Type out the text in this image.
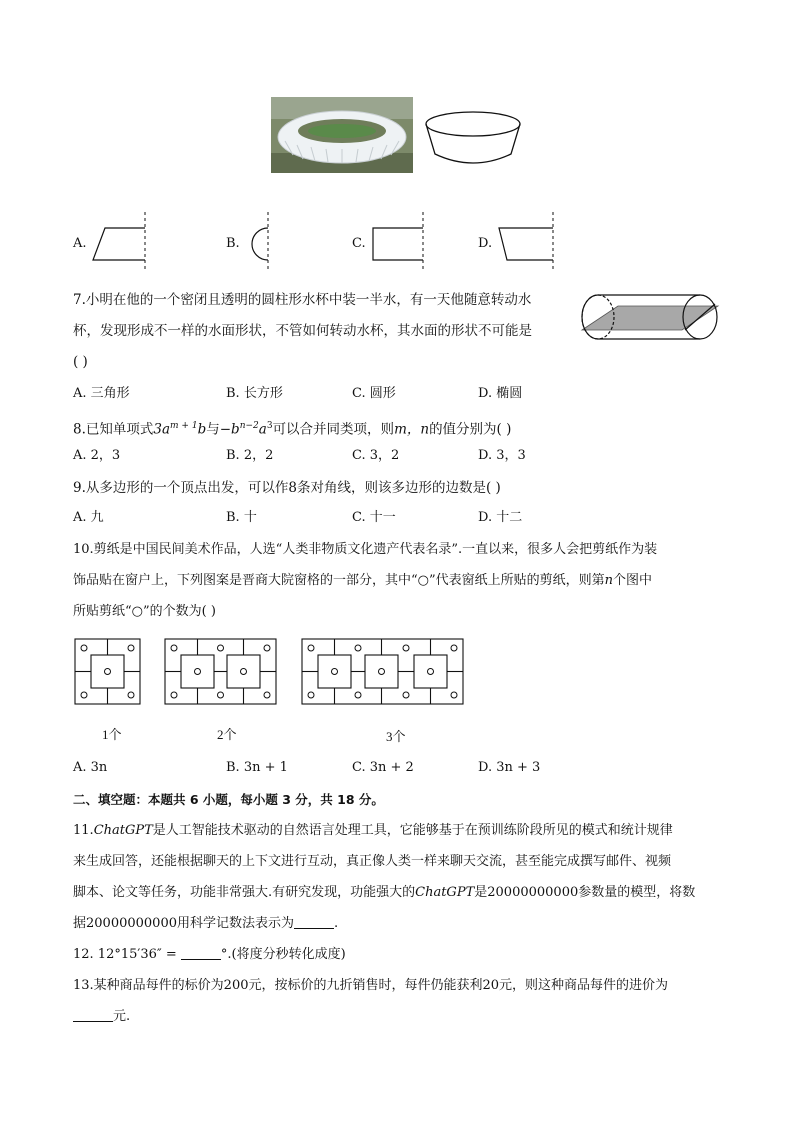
A.	B.	C.	D.
7.小明在他的一个密闭且透明的圆柱形水杯中装一半水，有一天他随意转动水
杯，发现形成不一样的水面形状，不管如何转动水杯，其水面的形状不可能是
( )
A. 三角形	B. 长方形	C. 圆形	D. 椭圆
8.已知单项式$3a^{m + 1}b$与$-b^{n-2}a^3$可以合并同类项，则m，n的值分别为( )
A. 2，3	B. 2，2	C. 3，2	D. 3，3
9.从多边形的一个顶点出发，可以作8条对角线，则该多边形的边数是( )
A. 九	B. 十	C. 十一	D. 十二
10.剪纸是中国民间美术作品，人选“人类非物质文化遗产代表名录”.一直以来，很多人会把剪纸作为装
饰品贴在窗户上，下列图案是晋商大院窗格的一部分，其中“○”代表窗纸上所贴的剪纸，则第n个图中
所贴剪纸“○”的个数为( )
1个	2个	3个
A. 3n	B. 3n + 1	C. 3n + 2	D. 3n + 3
二、填空题：本题共 6 小题，每小题 3 分，共 18 分。
11.ChatGPT是人工智能技术驱动的自然语言处理工具，它能够基于在预训练阶段所见的模式和统计规律
来生成回答，还能根据聊天的上下文进行互动，真正像人类一样来聊天交流，甚至能完成撰写邮件、视频
脚本、论文等任务，功能非常强大.有研究发现，功能强大的ChatGPT是20000000000参数量的模型，将数
据20000000000用科学记数法表示为	.
12. 12°15′36″ =	°.(将度分秒转化成度)
13.某种商品每件的标价为200元，按标价的九折销售时，每件仍能获利20元，则这种商品每件的进价为
元.
